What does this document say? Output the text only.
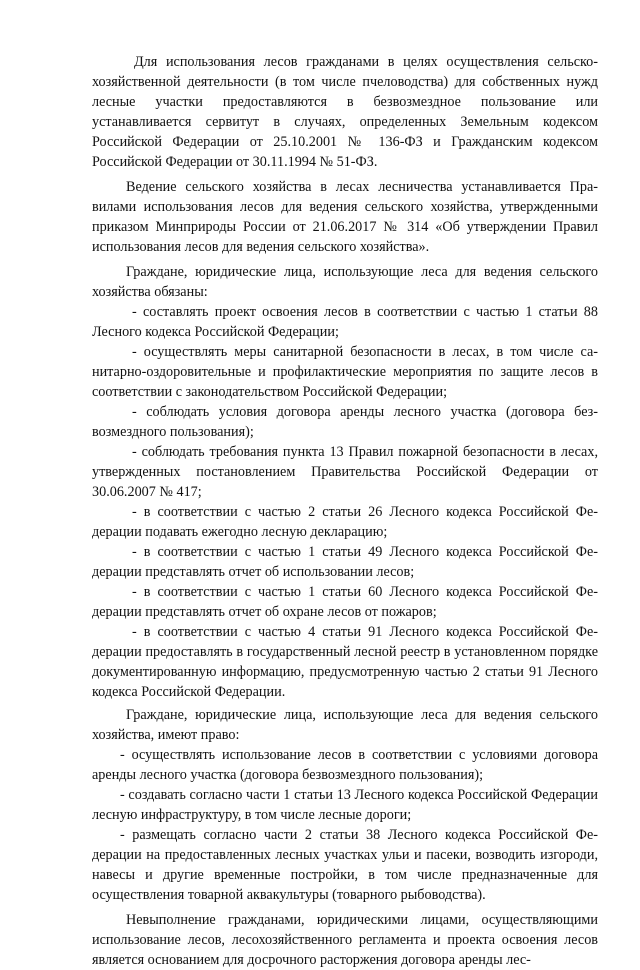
Для использования лесов гражданами в целях осуществления сельскохозяйственной деятельности (в том числе пчеловодства) для собственных нужд лесные участки предоставляются в безвозмездное пользование или устанавливается сервитут в случаях, определенных Земельным кодексом Российской Федерации от 25.10.2001 № 136-ФЗ и Гражданским кодексом Российской Федерации от 30.11.1994 № 51-ФЗ.

Ведение сельского хозяйства в лесах лесничества устанавливается Правилами использования лесов для ведения сельского хозяйства, утвержденными приказом Минприроды России от 21.06.2017 № 314 «Об утверждении Правил использования лесов для ведения сельского хозяйства».

Граждане, юридические лица, использующие леса для ведения сельского хозяйства обязаны:

- составлять проект освоения лесов в соответствии с частью 1 статьи 88 Лесного кодекса Российской Федерации;

- осуществлять меры санитарной безопасности в лесах, в том числе санитарно-оздоровительные и профилактические мероприятия по защите лесов в соответствии с законодательством Российской Федерации;

- соблюдать условия договора аренды лесного участка (договора безвозмездного пользования);

- соблюдать требования пункта 13 Правил пожарной безопасности в лесах, утвержденных постановлением Правительства Российской Федерации от 30.06.2007 № 417;

- в соответствии с частью 2 статьи 26 Лесного кодекса Российской Федерации подавать ежегодно лесную декларацию;

- в соответствии с частью 1 статьи 49 Лесного кодекса Российской Федерации представлять отчет об использовании лесов;

- в соответствии с частью 1 статьи 60 Лесного кодекса Российской Федерации представлять отчет об охране лесов от пожаров;

- в соответствии с частью 4 статьи 91 Лесного кодекса Российской Федерации предоставлять в государственный лесной реестр в установленном порядке документированную информацию, предусмотренную частью 2 статьи 91 Лесного кодекса Российской Федерации.

Граждане, юридические лица, использующие леса для ведения сельского хозяйства, имеют право:

- осуществлять использование лесов в соответствии с условиями договора аренды лесного участка (договора безвозмездного пользования);

- создавать согласно части 1 статьи 13 Лесного кодекса Российской Федерации лесную инфраструктуру, в том числе лесные дороги;

- размещать согласно части 2 статьи 38 Лесного кодекса Российской Федерации на предоставленных лесных участках ульи и пасеки, возводить изгороди, навесы и другие временные постройки, в том числе предназначенные для осуществления товарной аквакультуры (товарного рыбоводства).

Невыполнение гражданами, юридическими лицами, осуществляющими использование лесов, лесохозяйственного регламента и проекта освоения лесов является основанием для досрочного расторжения договора аренды лес-
